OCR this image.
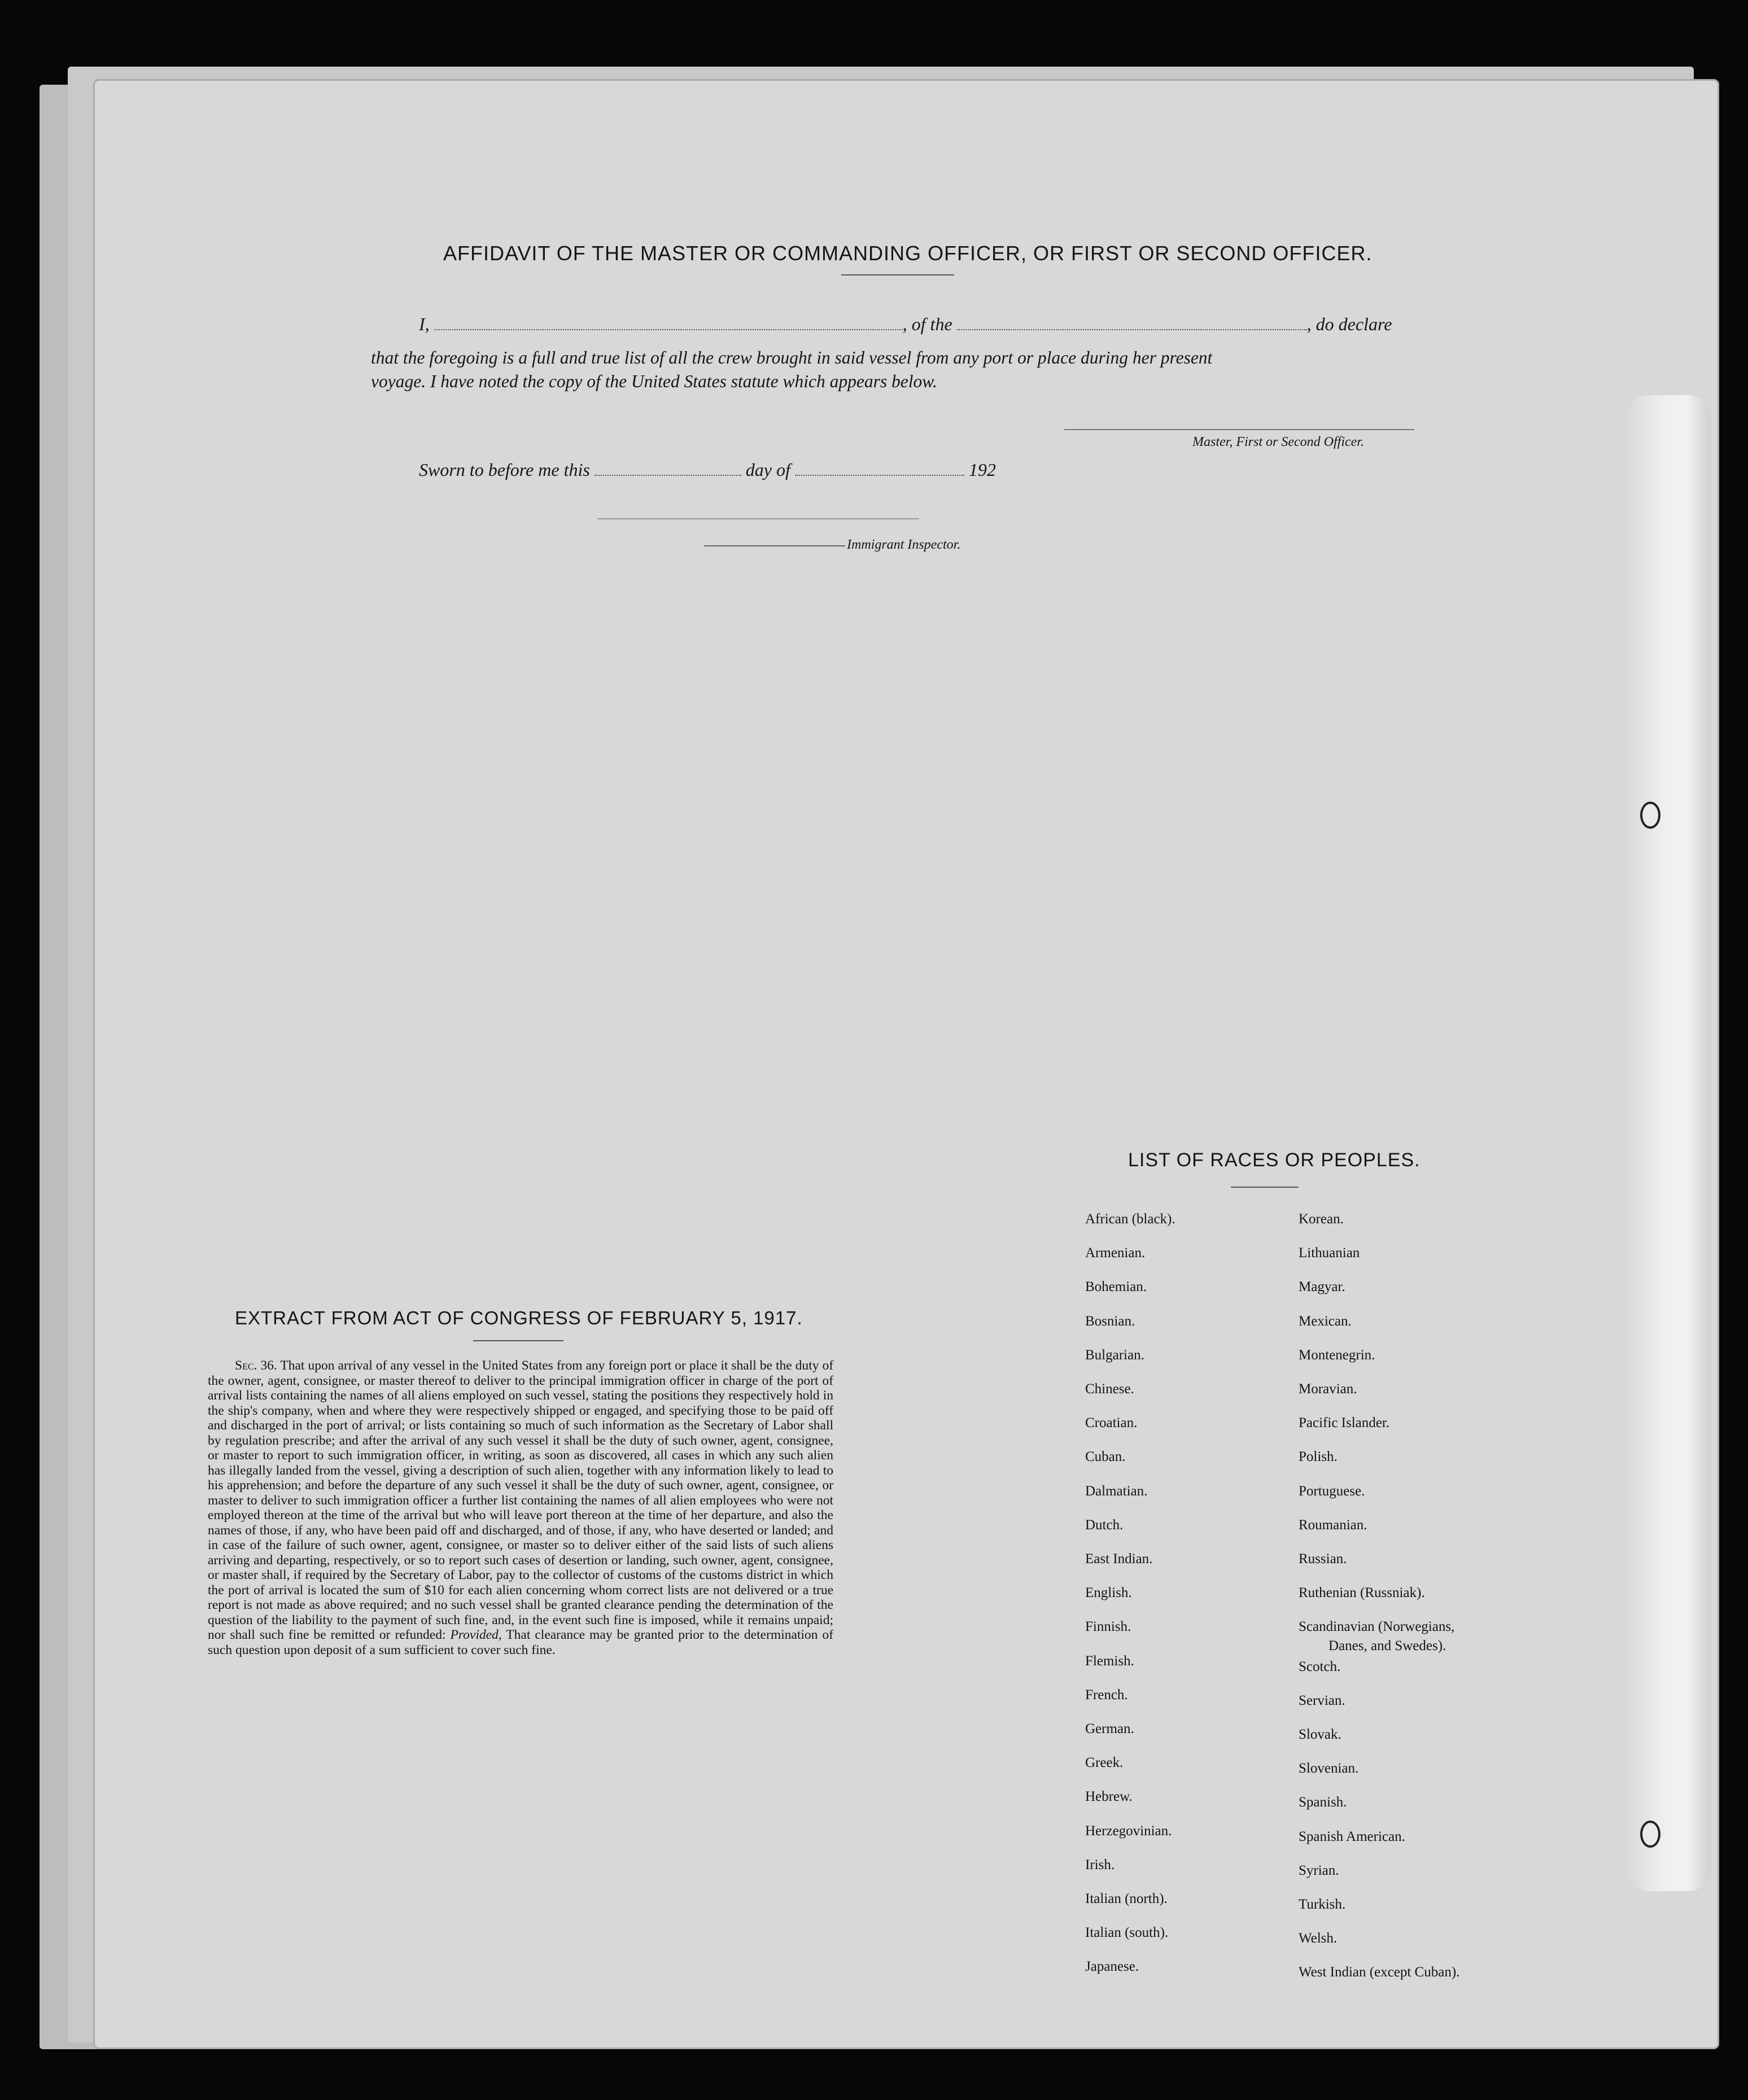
AFFIDAVIT OF THE MASTER OR COMMANDING OFFICER, OR FIRST OR SECOND OFFICER.
I,	, of the	, do declare
that the foregoing is a full and true list of all the crew brought in said vessel from any port or place during her present
voyage. I have noted the copy of the United States statute which appears below.
Master, First or Second Officer.
Sworn to before me this	day of	192
Immigrant Inspector.
EXTRACT FROM ACT OF CONGRESS OF FEBRUARY 5, 1917.
Sec. 36. That upon arrival of any vessel in the United States from any foreign port or place it shall be the duty of the owner, agent, consignee, or master thereof to deliver to the principal immigration officer in charge of the port of arrival lists containing the names of all aliens employed on such vessel, stating the positions they respectively hold in the ship's company, when and where they were respectively shipped or engaged, and specifying those to be paid off and discharged in the port of arrival; or lists containing so much of such information as the Secretary of Labor shall by regulation prescribe; and after the arrival of any such vessel it shall be the duty of such owner, agent, consignee, or master to report to such immigration officer, in writing, as soon as discovered, all cases in which any such alien has illegally landed from the vessel, giving a description of such alien, together with any information likely to lead to his apprehension; and before the departure of any such vessel it shall be the duty of such owner, agent, consignee, or master to deliver to such immigration officer a further list containing the names of all alien employees who were not employed thereon at the time of the arrival but who will leave port thereon at the time of her departure, and also the names of those, if any, who have been paid off and discharged, and of those, if any, who have deserted or landed; and in case of the failure of such owner, agent, consignee, or master so to deliver either of the said lists of such aliens arriving and departing, respectively, or so to report such cases of desertion or landing, such owner, agent, consignee, or master shall, if required by the Secretary of Labor, pay to the collector of customs of the customs district in which the port of arrival is located the sum of $10 for each alien concerning whom correct lists are not delivered or a true report is not made as above required; and no such vessel shall be granted clearance pending the determination of the question of the liability to the payment of such fine, and, in the event such fine is imposed, while it remains unpaid; nor shall such fine be remitted or refunded: Provided, That clearance may be granted prior to the determination of such question upon deposit of a sum sufficient to cover such fine.
LIST OF RACES OR PEOPLES.
African (black).
Armenian.
Bohemian.
Bosnian.
Bulgarian.
Chinese.
Croatian.
Cuban.
Dalmatian.
Dutch.
East Indian.
English.
Finnish.
Flemish.
French.
German.
Greek.
Hebrew.
Herzegovinian.
Irish.
Italian (north).
Italian (south).
Japanese.
Korean.
Lithuanian
Magyar.
Mexican.
Montenegrin.
Moravian.
Pacific Islander.
Polish.
Portuguese.
Roumanian.
Russian.
Ruthenian (Russniak).
Scandinavian (Norwegians,
Scotch.
Servian.
Slovak.
Slovenian.
Spanish.
Spanish American.
Syrian.
Turkish.
Welsh.
West Indian (except Cuban).
Danes, and Swedes).
